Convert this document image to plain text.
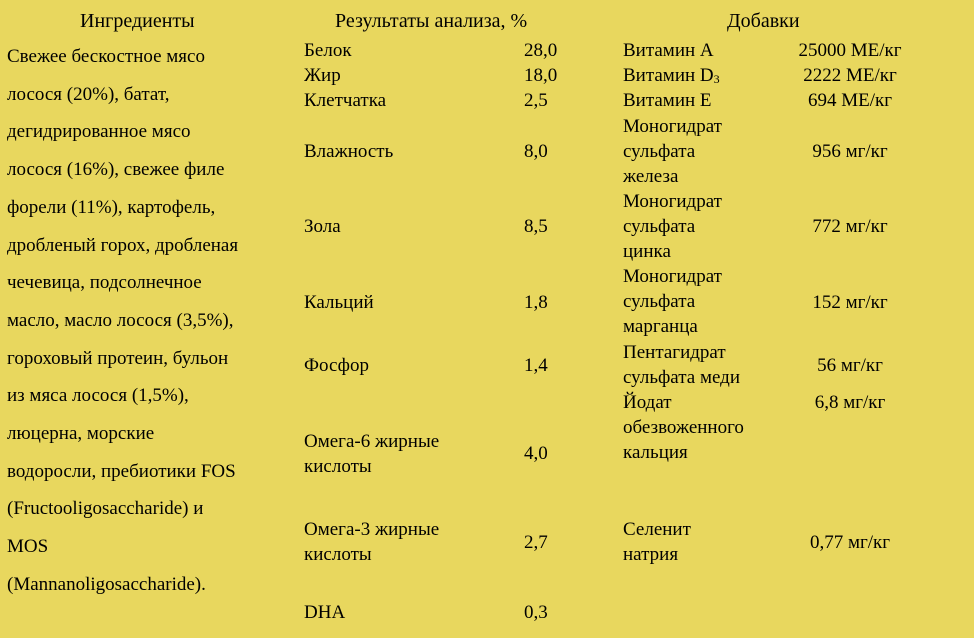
Ингредиенты	Результаты анализа, %	Добавки
Свежее бескостное мясо
лосося (20%), батат,
дегидрированное мясо
лосося (16%), свежее филе
форели (11%), картофель,
дробленый горох, дробленая
чечевица, подсолнечное
масло, масло лосося (3,5%),
гороховый протеин, бульон
из мяса лосося (1,5%),
люцерна, морские
водоросли, пребиотики FOS
(Fructooligosaccharide) и
MOS
(Mannanoligosaccharide).
Белок
Жир
Клетчатка
Влажность
Зола
Кальций
Фосфор
Омега-6 жирные
кислоты
Омега-3 жирные
кислоты
DHA
28,0
18,0
2,5
8,0
8,5
1,8
1,4
4,0
2,7
0,3
Витамин А
Витамин $D_3$
Витамин Е
Моногидрат
сульфата
железа
Моногидрат
сульфата
цинка
Моногидрат
сульфата
марганца
Пентагидрат
сульфата меди
Йодат
обезвоженного
кальция
Селенит
натрия
25000 МЕ/кг
2222 МЕ/кг
694 МЕ/кг
956 мг/кг
772 мг/кг
152 мг/кг
56 мг/кг
6,8 мг/кг
0,77 мг/кг
